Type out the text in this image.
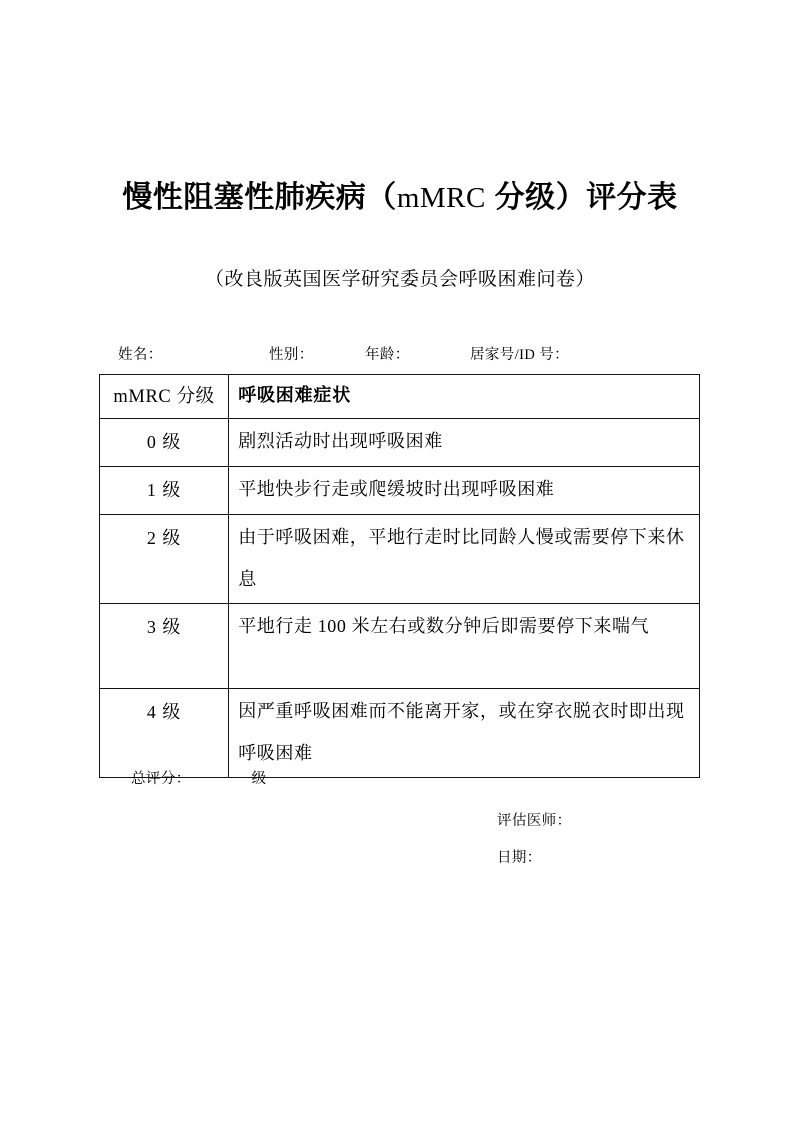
慢性阻塞性肺疾病（mMRC 分级）评分表
（改良版英国医学研究委员会呼吸困难问卷）
姓名：	性别：	年龄：	居家号/ID 号：
mMRC 分级	呼吸困难症状

0 级	剧烈活动时出现呼吸困难

1 级	平地快步行走或爬缓坡时出现呼吸困难

2 级	由于呼吸困难，平地行走时比同龄人慢或需要停下来休息

3 级	平地行走 100 米左右或数分钟后即需要停下来喘气

4 级	因严重呼吸困难而不能离开家，或在穿衣脱衣时即出现呼吸困难
总评分：	级
评估医师：
日期：
